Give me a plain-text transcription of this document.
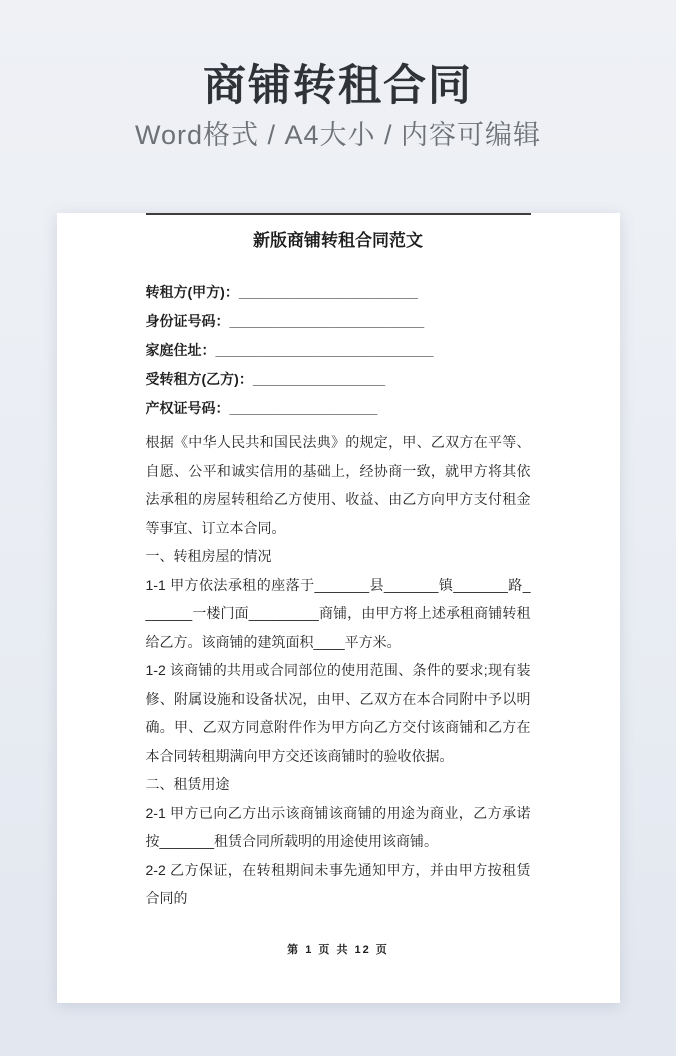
商铺转租合同
Word格式 / A4大小 / 内容可编辑
新版商铺转租合同范文
转租方(甲方)：_______________________
身份证号码：_________________________
家庭住址：____________________________
受转租方(乙方)：_________________
产权证号码：___________________

根据《中华人民共和国民法典》的规定，甲、乙双方在平等、自愿、公平和诚实信用的基础上，经协商一致，就甲方将其依法承租的房屋转租给乙方使用、收益、由乙方向甲方支付租金等事宜、订立本合同。

一、转租房屋的情况

1-1 甲方依法承租的座落于_______县_______镇_______路_______一楼门面_________商铺，由甲方将上述承租商铺转租给乙方。该商铺的建筑面积____平方米。

1-2 该商铺的共用或合同部位的使用范围、条件的要求;现有装修、附属设施和设备状况，由甲、乙双方在本合同附中予以明确。甲、乙双方同意附件作为甲方向乙方交付该商铺和乙方在本合同转租期满向甲方交还该商铺时的验收依据。

二、租赁用途

2-1 甲方已向乙方出示该商铺该商铺的用途为商业，乙方承诺按_______租赁合同所载明的用途使用该商铺。

2-2 乙方保证，在转租期间未事先通知甲方，并由甲方按租赁合同的

第 1 页 共 12 页
